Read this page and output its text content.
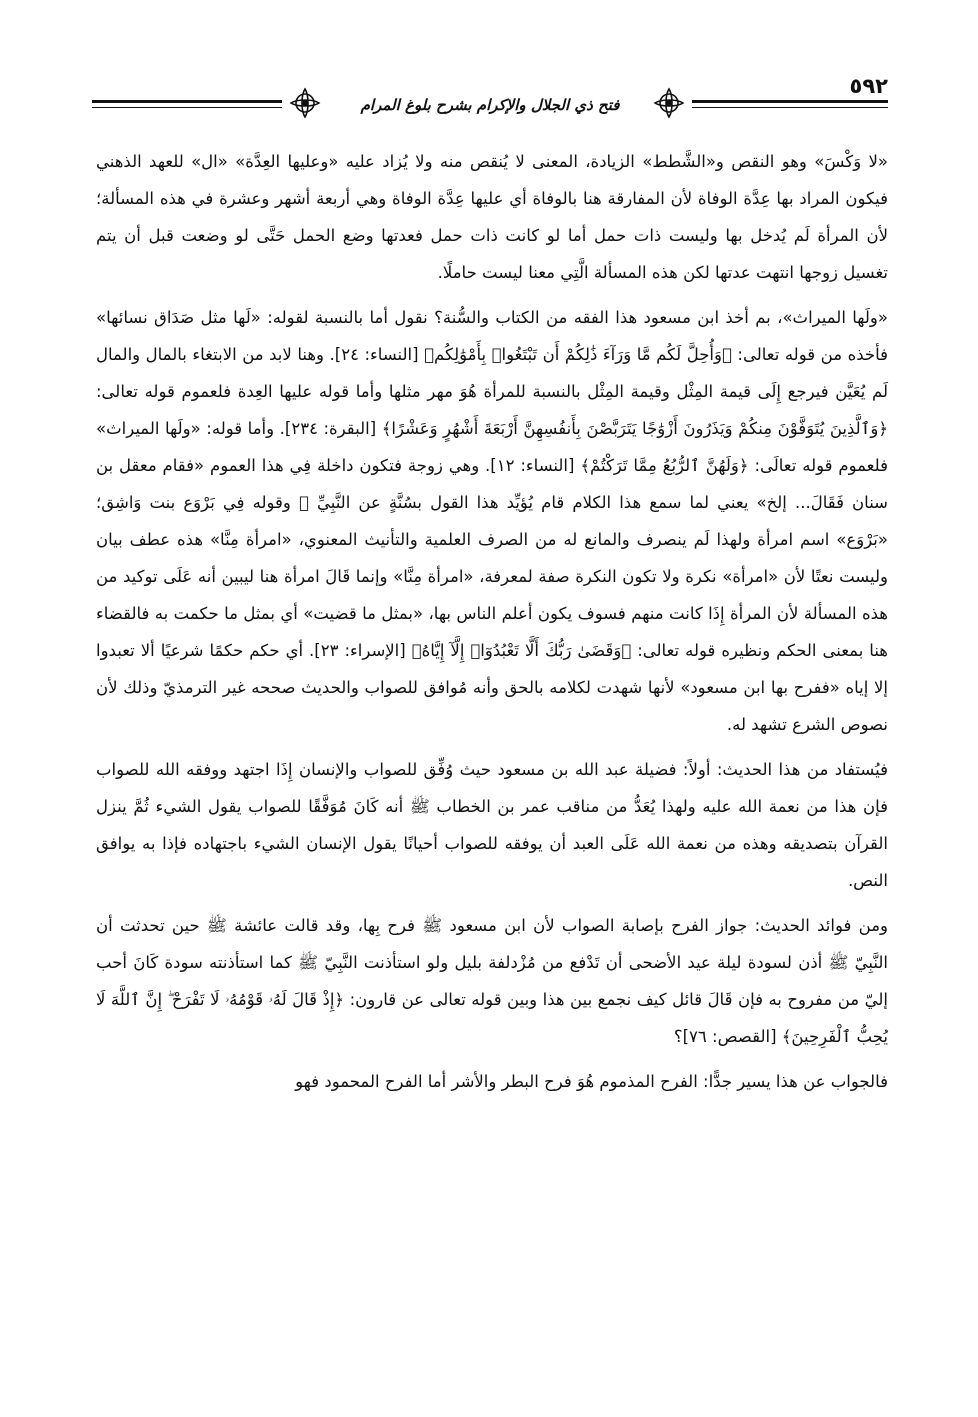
٥٩٢
فتح ذي الجلال والإكرام بشرح بلوغ المرام

«لا وَكْسَ» وهو النقص و«الشَّطط» الزيادة، المعنى لا يُنقص منه ولا يُزاد عليه «وعليها العِدَّة» «ال» للعهد الذهني فيكون المراد بها عِدَّة الوفاة لأن المفارقة هنا بالوفاة أي عليها عِدَّة الوفاة وهي أربعة أشهر وعشرة في هذه المسألة؛ لأن المرأة لَم يُدخل بها وليست ذات حمل أما لو كانت ذات حمل فعدتها وضع الحمل حَتَّى لو وضعت قبل أن يتم تغسيل زوجها انتهت عدتها لكن هذه المسألة الَّتِي معنا ليست حاملًا.

«ولَها الميراث»، بم أخذ ابن مسعود هذا الفقه من الكتاب والسُّنة؟ نقول أما بالنسبة لقوله: «لَها مثل صَدَاق نسائها» فأخذه من قوله تعالى: ﴿وَأُحِلَّ لَكُم مَّا وَرَآءَ ذَٰلِكُمْ أَن تَبْتَغُوا۟ بِأَمْوَٰلِكُم﴾ [النساء: ٢٤]. وهنا لابد من الابتغاء بالمال والمال لَم يُعَيَّن فيرجع إِلَى قيمة المِثْل وقيمة المِثْل بالنسبة للمرأة هُوَ مهر مثلها وأما قوله عليها العِدة فلعموم قوله تعالى: ﴿وَٱلَّذِينَ يُتَوَفَّوْنَ مِنكُمْ وَيَذَرُونَ أَزْوَٰجًا يَتَرَبَّصْنَ بِأَنفُسِهِنَّ أَرْبَعَةَ أَشْهُرٍ وَعَشْرًا﴾ [البقرة: ٢٣٤]. وأما قوله: «ولَها الميراث» فلعموم قوله تعالَى: ﴿وَلَهُنَّ ٱلرُّبُعُ مِمَّا تَرَكْتُمْ﴾ [النساء: ١٢]. وهي زوجة فتكون داخلة فِي هذا العموم «فقام معقل بن سنان فَقَالَ... إلخ» يعني لما سمع هذا الكلام قام يُؤيِّد هذا القول بسُنَّةٍ عن النَّبِيِّ ﷺ وقوله فِي بَرْوَع بنت وَاشِق؛ «بَرْوَع» اسم امرأة ولهذا لَم ينصرف والمانع له من الصرف العلمية والتأنيث المعنوي، «امرأة مِنَّا» هذه عطف بيان وليست نعتًا لأن «امرأة» نكرة ولا تكون النكرة صفة لمعرفة، «امرأة مِنَّا» وإنما قَالَ امرأة هنا ليبين أنه عَلَى توكيد من هذه المسألة لأن المرأة إِذَا كانت منهم فسوف يكون أعلم الناس بها، «بمثل ما قضيت» أي بمثل ما حكمت به فالقضاء هنا بمعنى الحكم ونظيره قوله تعالى: ﴿وَقَضَىٰ رَبُّكَ أَلَّا تَعْبُدُوٓا۟ إِلَّآ إِيَّاهُ﴾ [الإسراء: ٢٣]. أي حكم حكمًا شرعيًا ألا تعبدوا إلا إياه «ففرح بها ابن مسعود» لأنها شهدت لكلامه بالحق وأنه مُوافق للصواب والحديث صححه غير الترمذيّ وذلك لأن نصوص الشرع تشهد له.

فيُستفاد من هذا الحديث: أولاً: فضيلة عبد الله بن مسعود حيث وُفِّق للصواب والإنسان إِذَا اجتهد ووفقه الله للصواب فإن هذا من نعمة الله عليه ولهذا يُعَدُّ من مناقب عمر بن الخطاب ﷺ أنه كَانَ مُوَفَّقًا للصواب يقول الشيء ثُمَّ ينزل القرآن بتصديقه وهذه من نعمة الله عَلَى العبد أن يوفقه للصواب أحيانًا يقول الإنسان الشيء باجتهاده فإذا به يوافق النص.

ومن فوائد الحديث: جواز الفرح بإصابة الصواب لأن ابن مسعود ﷺ فرح بِها، وقد قالت عائشة ﷺ حين تحدثت أن النَّبِيّ ﷺ أذن لسودة ليلة عيد الأضحى أن تَدْفع من مُزْدلفة بليل ولو استأذنت النَّبِيّ ﷺ كما استأذنته سودة كَانَ أحب إليّ من مفروح به فإن قَالَ قائل كيف نجمع بين هذا وبين قوله تعالى عن قارون: ﴿إِذْ قَالَ لَهُۥ قَوْمُهُۥ لَا تَفْرَحْ ۖ إِنَّ ٱللَّهَ لَا يُحِبُّ ٱلْفَرِحِينَ﴾ [القصص: ٧٦]؟

فالجواب عن هذا يسير جدًّا: الفرح المذموم هُوَ فرح البطر والأشر أما الفرح المحمود فهو
